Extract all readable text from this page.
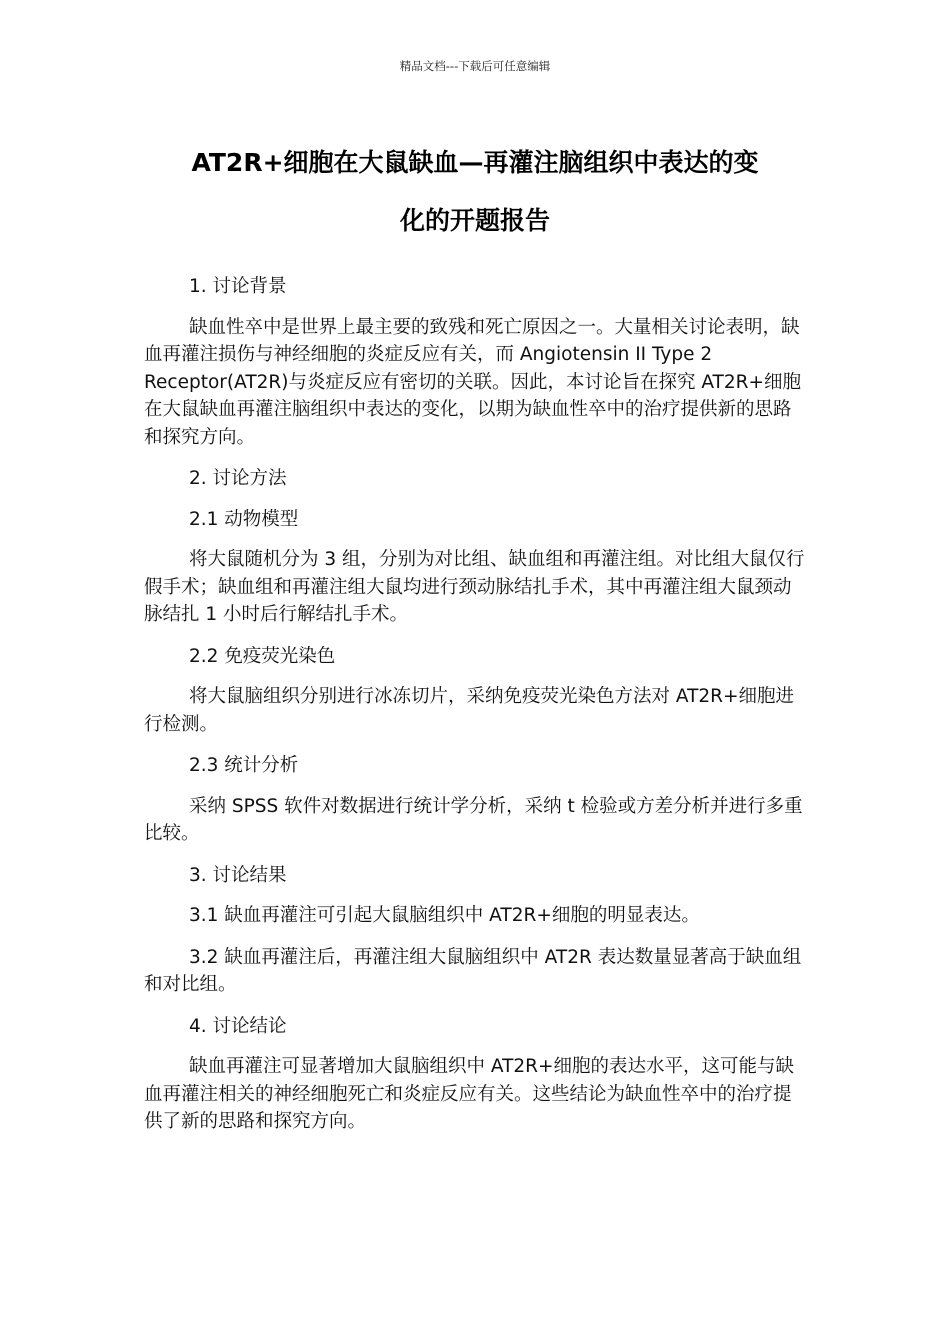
精品文档---下载后可任意编辑
AT2R+细胞在大鼠缺血—再灌注脑组织中表达的变
化的开题报告

1. 讨论背景

缺血性卒中是世界上最主要的致残和死亡原因之一。大量相关讨论表明，缺血再灌注损伤与神经细胞的炎症反应有关，而 Angiotensin II Type 2 Receptor(AT2R)与炎症反应有密切的关联。因此，本讨论旨在探究 AT2R+细胞在大鼠缺血再灌注脑组织中表达的变化，以期为缺血性卒中的治疗提供新的思路和探究方向。

2. 讨论方法

2.1 动物模型

将大鼠随机分为 3 组，分别为对比组、缺血组和再灌注组。对比组大鼠仅行假手术；缺血组和再灌注组大鼠均进行颈动脉结扎手术，其中再灌注组大鼠颈动脉结扎 1 小时后行解结扎手术。

2.2 免疫荧光染色

将大鼠脑组织分别进行冰冻切片，采纳免疫荧光染色方法对 AT2R+细胞进行检测。

2.3 统计分析

采纳 SPSS 软件对数据进行统计学分析，采纳 t 检验或方差分析并进行多重比较。

3. 讨论结果

3.1 缺血再灌注可引起大鼠脑组织中 AT2R+细胞的明显表达。

3.2 缺血再灌注后，再灌注组大鼠脑组织中 AT2R 表达数量显著高于缺血组和对比组。

4. 讨论结论

缺血再灌注可显著增加大鼠脑组织中 AT2R+细胞的表达水平，这可能与缺血再灌注相关的神经细胞死亡和炎症反应有关。这些结论为缺血性卒中的治疗提供了新的思路和探究方向。
